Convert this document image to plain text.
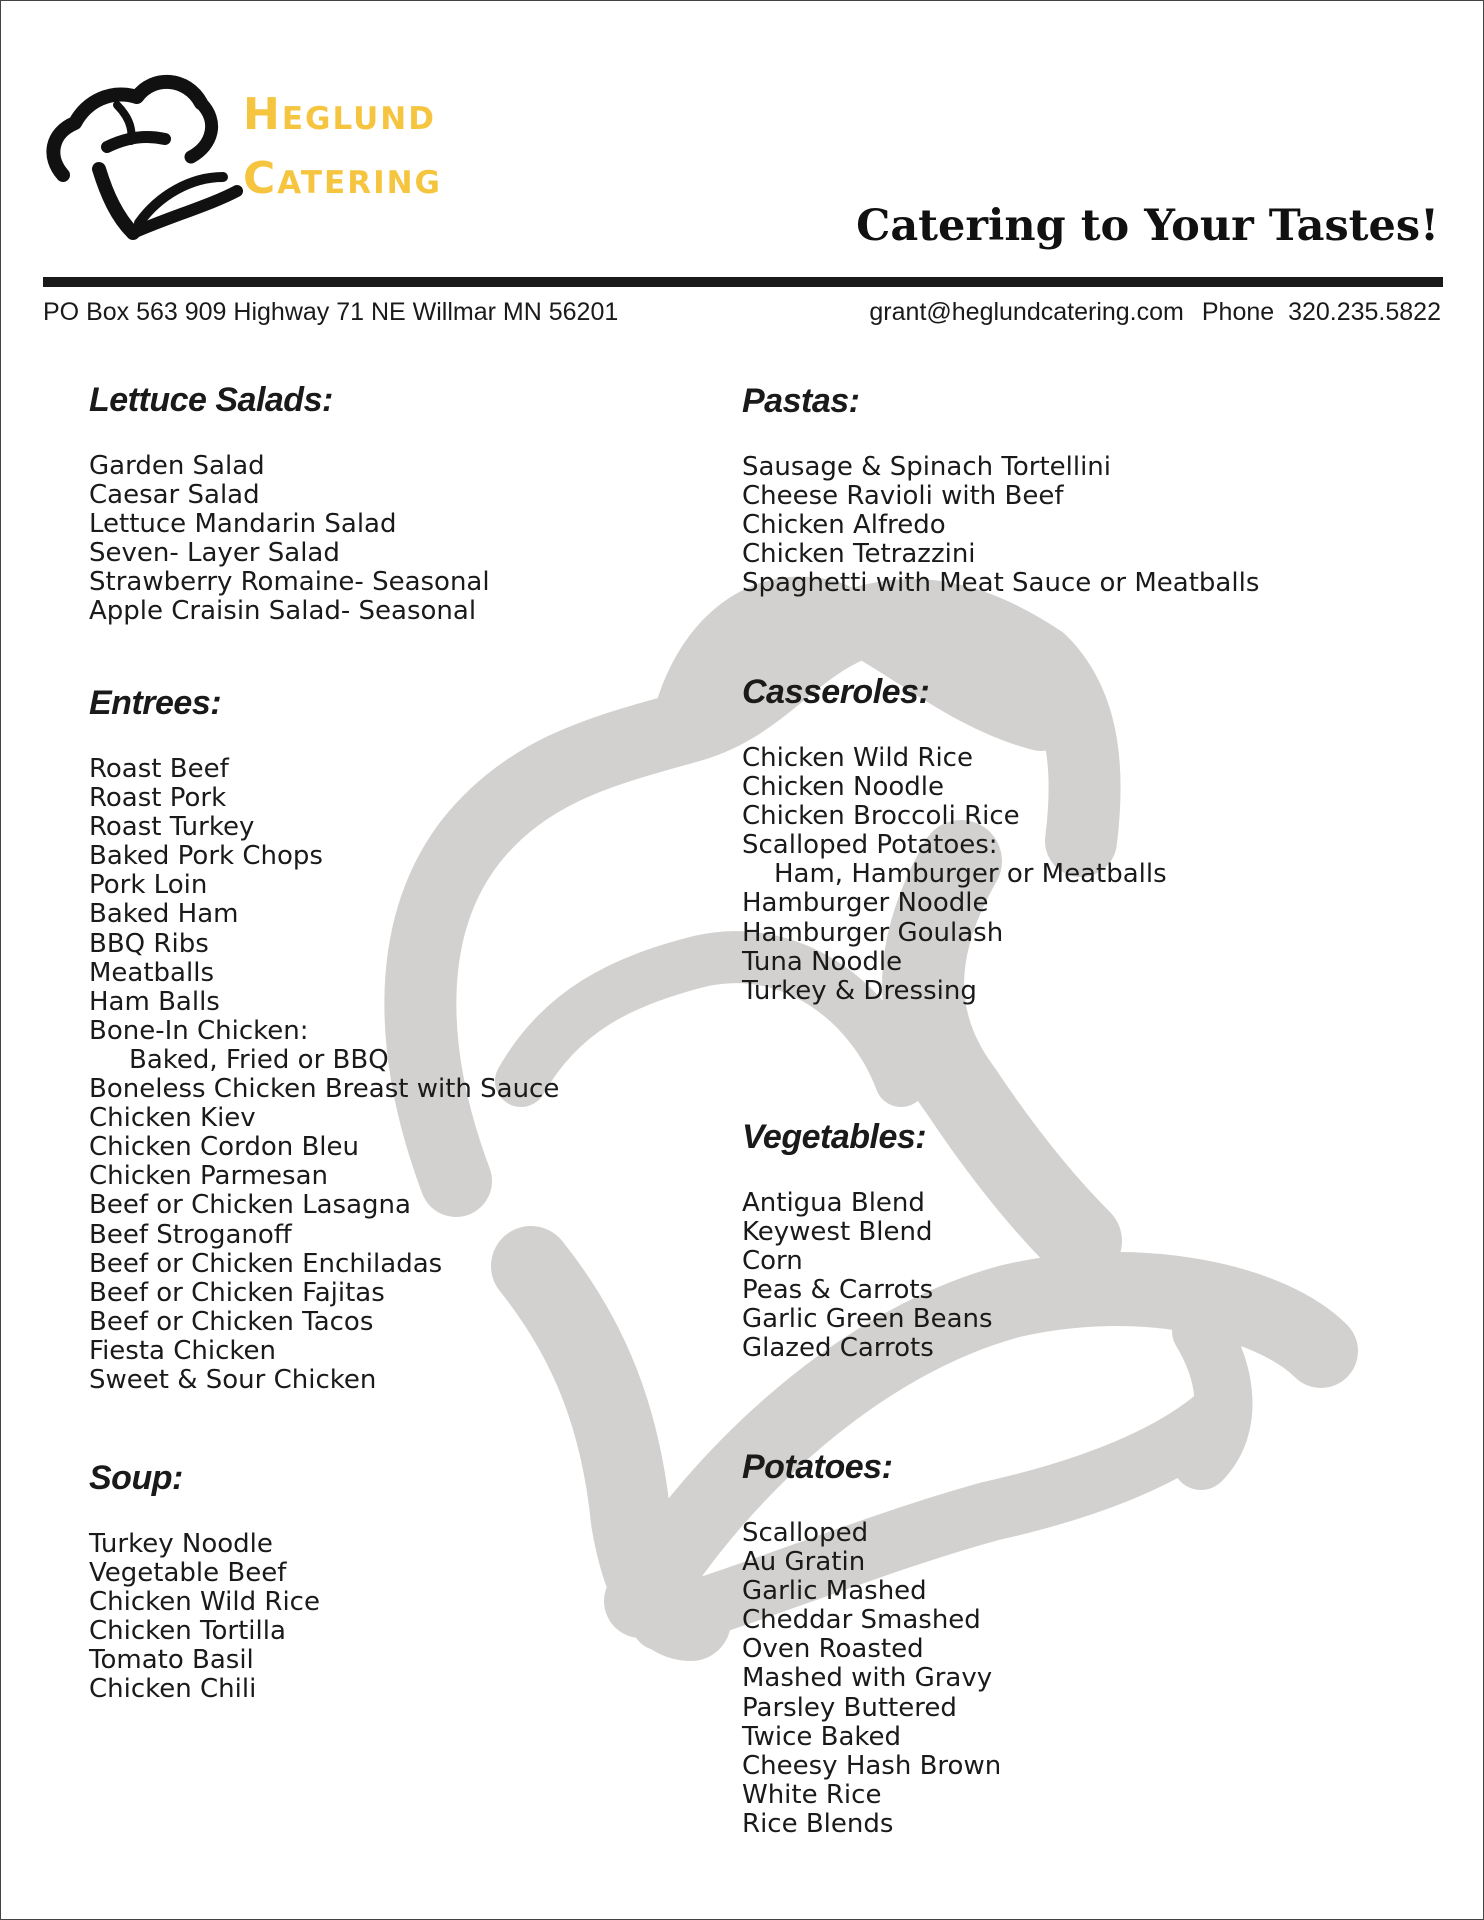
Heglund
Catering
Catering to Your Tastes!
PO Box 563 909 Highway 71 NE Willmar MN 56201	grant@heglundcatering.com Phone 320.235.5822
Lettuce Salads:
Garden Salad
Caesar Salad
Lettuce Mandarin Salad
Seven- Layer Salad
Strawberry Romaine- Seasonal
Apple Craisin Salad- Seasonal
Entrees:
Roast Beef
Roast Pork
Roast Turkey
Baked Pork Chops
Pork Loin
Baked Ham
BBQ Ribs
Meatballs
Ham Balls
Bone-In Chicken:
Baked, Fried or BBQ
Boneless Chicken Breast with Sauce
Chicken Kiev
Chicken Cordon Bleu
Chicken Parmesan
Beef or Chicken Lasagna
Beef Stroganoff
Beef or Chicken Enchiladas
Beef or Chicken Fajitas
Beef or Chicken Tacos
Fiesta Chicken
Sweet & Sour Chicken
Soup:
Turkey Noodle
Vegetable Beef
Chicken Wild Rice
Chicken Tortilla
Tomato Basil
Chicken Chili
Pastas:
Sausage & Spinach Tortellini
Cheese Ravioli with Beef
Chicken Alfredo
Chicken Tetrazzini
Spaghetti with Meat Sauce or Meatballs
Casseroles:
Chicken Wild Rice
Chicken Noodle
Chicken Broccoli Rice
Scalloped Potatoes:
Ham, Hamburger or Meatballs
Hamburger Noodle
Hamburger Goulash
Tuna Noodle
Turkey & Dressing
Vegetables:
Antigua Blend
Keywest Blend
Corn
Peas & Carrots
Garlic Green Beans
Glazed Carrots
Potatoes:
Scalloped
Au Gratin
Garlic Mashed
Cheddar Smashed
Oven Roasted
Mashed with Gravy
Parsley Buttered
Twice Baked
Cheesy Hash Brown
White Rice
Rice Blends
